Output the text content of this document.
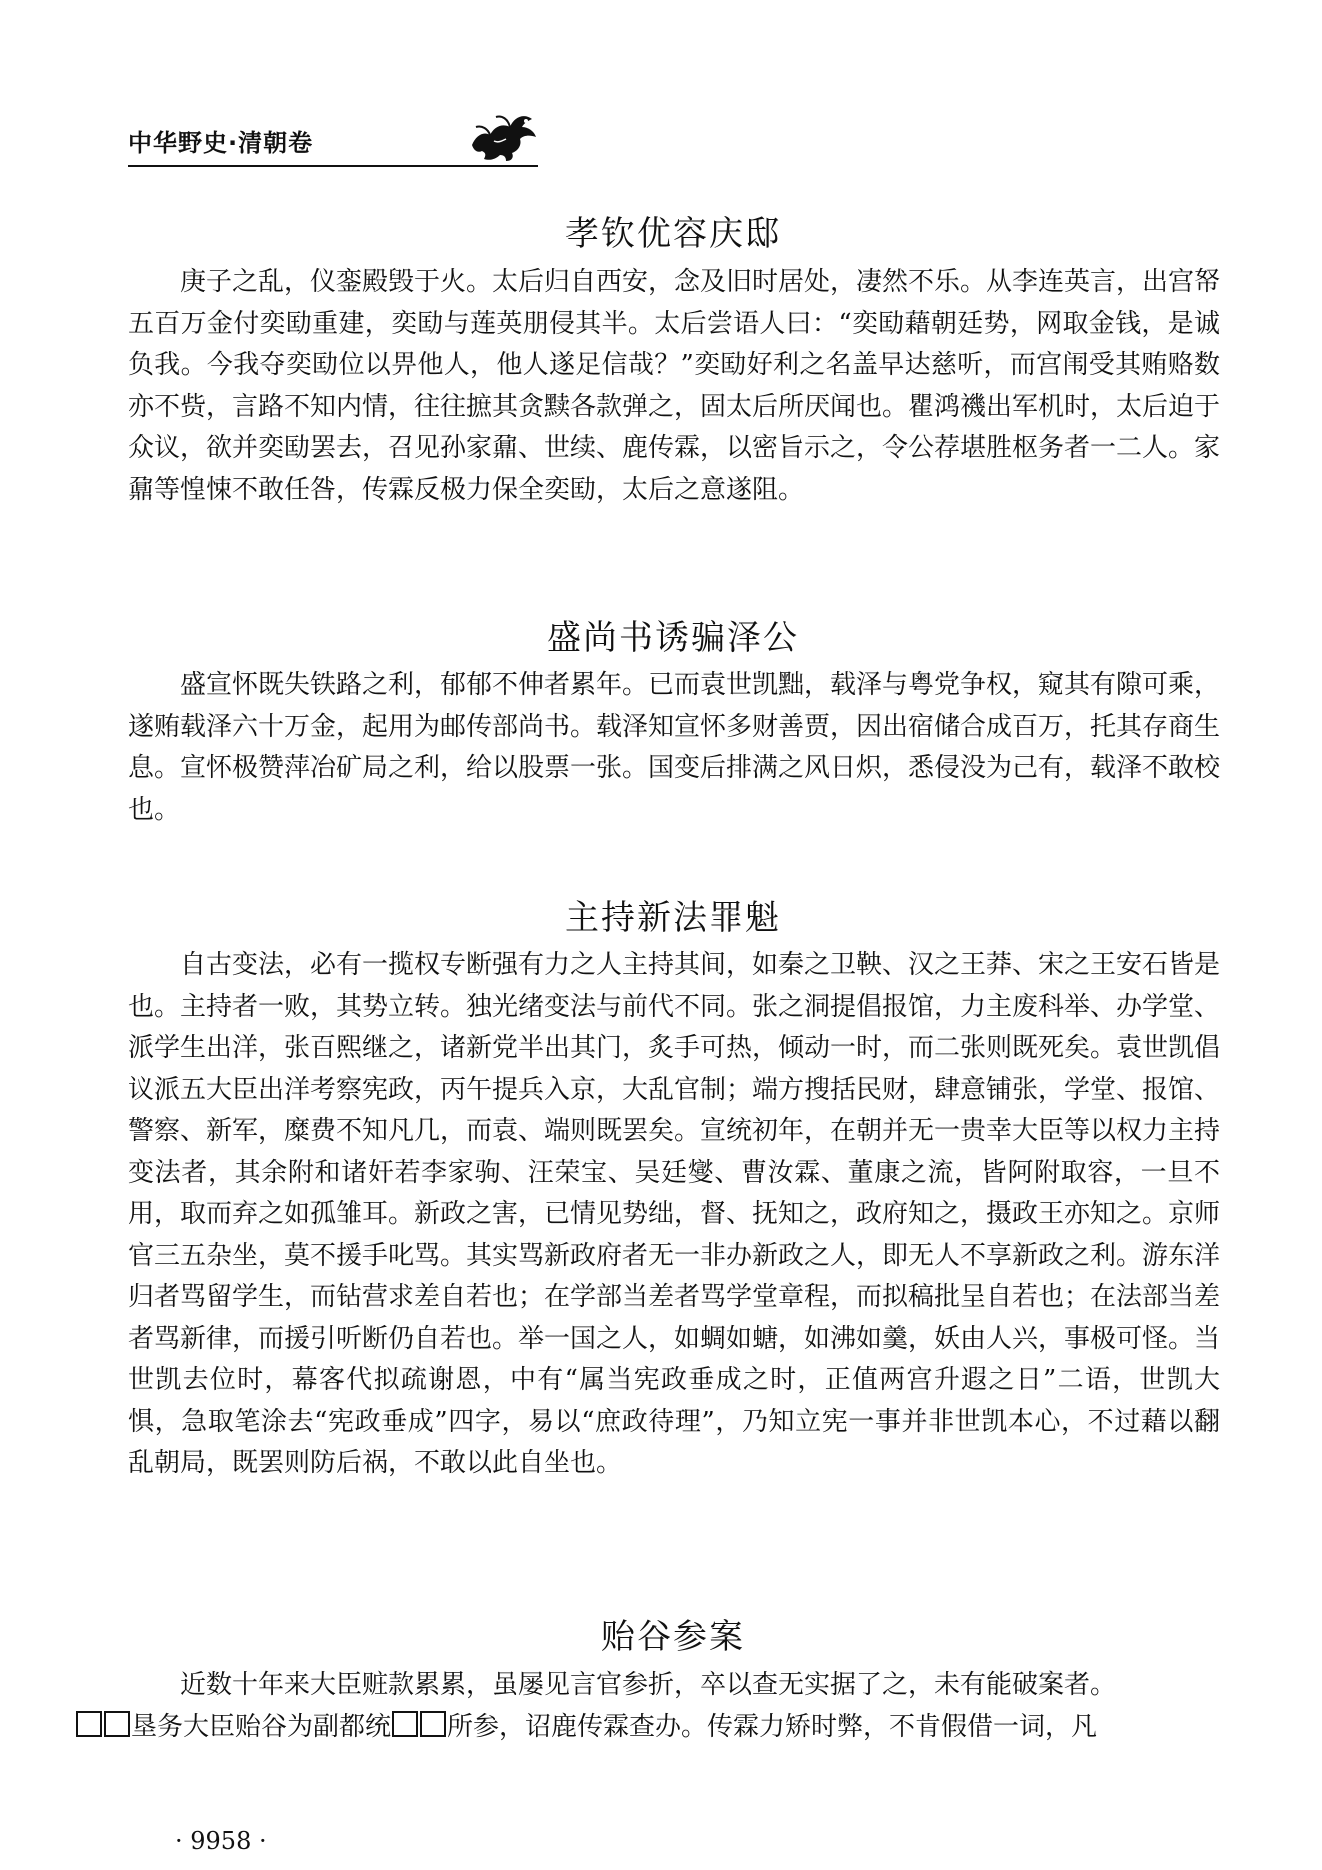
中华野史·清朝卷
孝钦优容庆邸

庚子之乱，仪銮殿毁于火。太后归自西安，念及旧时居处，凄然不乐。从李连英言，出宫帑五百万金付奕劻重建，奕劻与莲英朋侵其半。太后尝语人曰：“奕劻藉朝廷势，网取金钱，是诚负我。今我夺奕劻位以畀他人，他人遂足信哉？”奕劻好利之名盖早达慈听，而宫闱受其贿赂数亦不赀，言路不知内情，往往摭其贪黩各款弹之，固太后所厌闻也。瞿鸿禨出军机时，太后迫于众议，欲并奕劻罢去，召见孙家鼐、世续、鹿传霖，以密旨示之，令公荐堪胜枢务者一二人。家鼐等惶悚不敢任咎，传霖反极力保全奕劻，太后之意遂阻。

盛尚书诱骗泽公

盛宣怀既失铁路之利，郁郁不伸者累年。已而袁世凯黜，载泽与粤党争权，窥其有隙可乘，遂贿载泽六十万金，起用为邮传部尚书。载泽知宣怀多财善贾，因出宿储合成百万，托其存商生息。宣怀极赞萍冶矿局之利，给以股票一张。国变后排满之风日炽，悉侵没为己有，载泽不敢校也。

主持新法罪魁

自古变法，必有一揽权专断强有力之人主持其间，如秦之卫鞅、汉之王莽、宋之王安石皆是也。主持者一败，其势立转。独光绪变法与前代不同。张之洞提倡报馆，力主废科举、办学堂、派学生出洋，张百熙继之，诸新党半出其门，炙手可热，倾动一时，而二张则既死矣。袁世凯倡议派五大臣出洋考察宪政，丙午提兵入京，大乱官制；端方搜括民财，肆意铺张，学堂、报馆、警察、新军，糜费不知凡几，而袁、端则既罢矣。宣统初年，在朝并无一贵幸大臣等以权力主持变法者，其余附和诸奸若李家驹、汪荣宝、吴廷燮、曹汝霖、董康之流，皆阿附取容，一旦不用，取而弃之如孤雏耳。新政之害，已情见势绌，督、抚知之，政府知之，摄政王亦知之。京师官三五杂坐，莫不援手叱骂。其实骂新政府者无一非办新政之人，即无人不享新政之利。游东洋归者骂留学生，而钻营求差自若也；在学部当差者骂学堂章程，而拟稿批呈自若也；在法部当差者骂新律，而援引听断仍自若也。举一国之人，如蜩如螗，如沸如羹，妖由人兴，事极可怪。当世凯去位时，幕客代拟疏谢恩，中有“属当宪政垂成之时，正值两宫升遐之日”二语，世凯大惧，急取笔涂去“宪政垂成”四字，易以“庶政待理”，乃知立宪一事并非世凯本心，不过藉以翻乱朝局，既罢则防后祸，不敢以此自坐也。

贻谷参案

近数十年来大臣赃款累累，虽屡见言官参折，卒以查无实据了之，未有能破案者。
垦务大臣贻谷为副都统 所参，诏鹿传霖查办。传霖力矫时弊，不肯假借一词，凡

· 9958 ·
